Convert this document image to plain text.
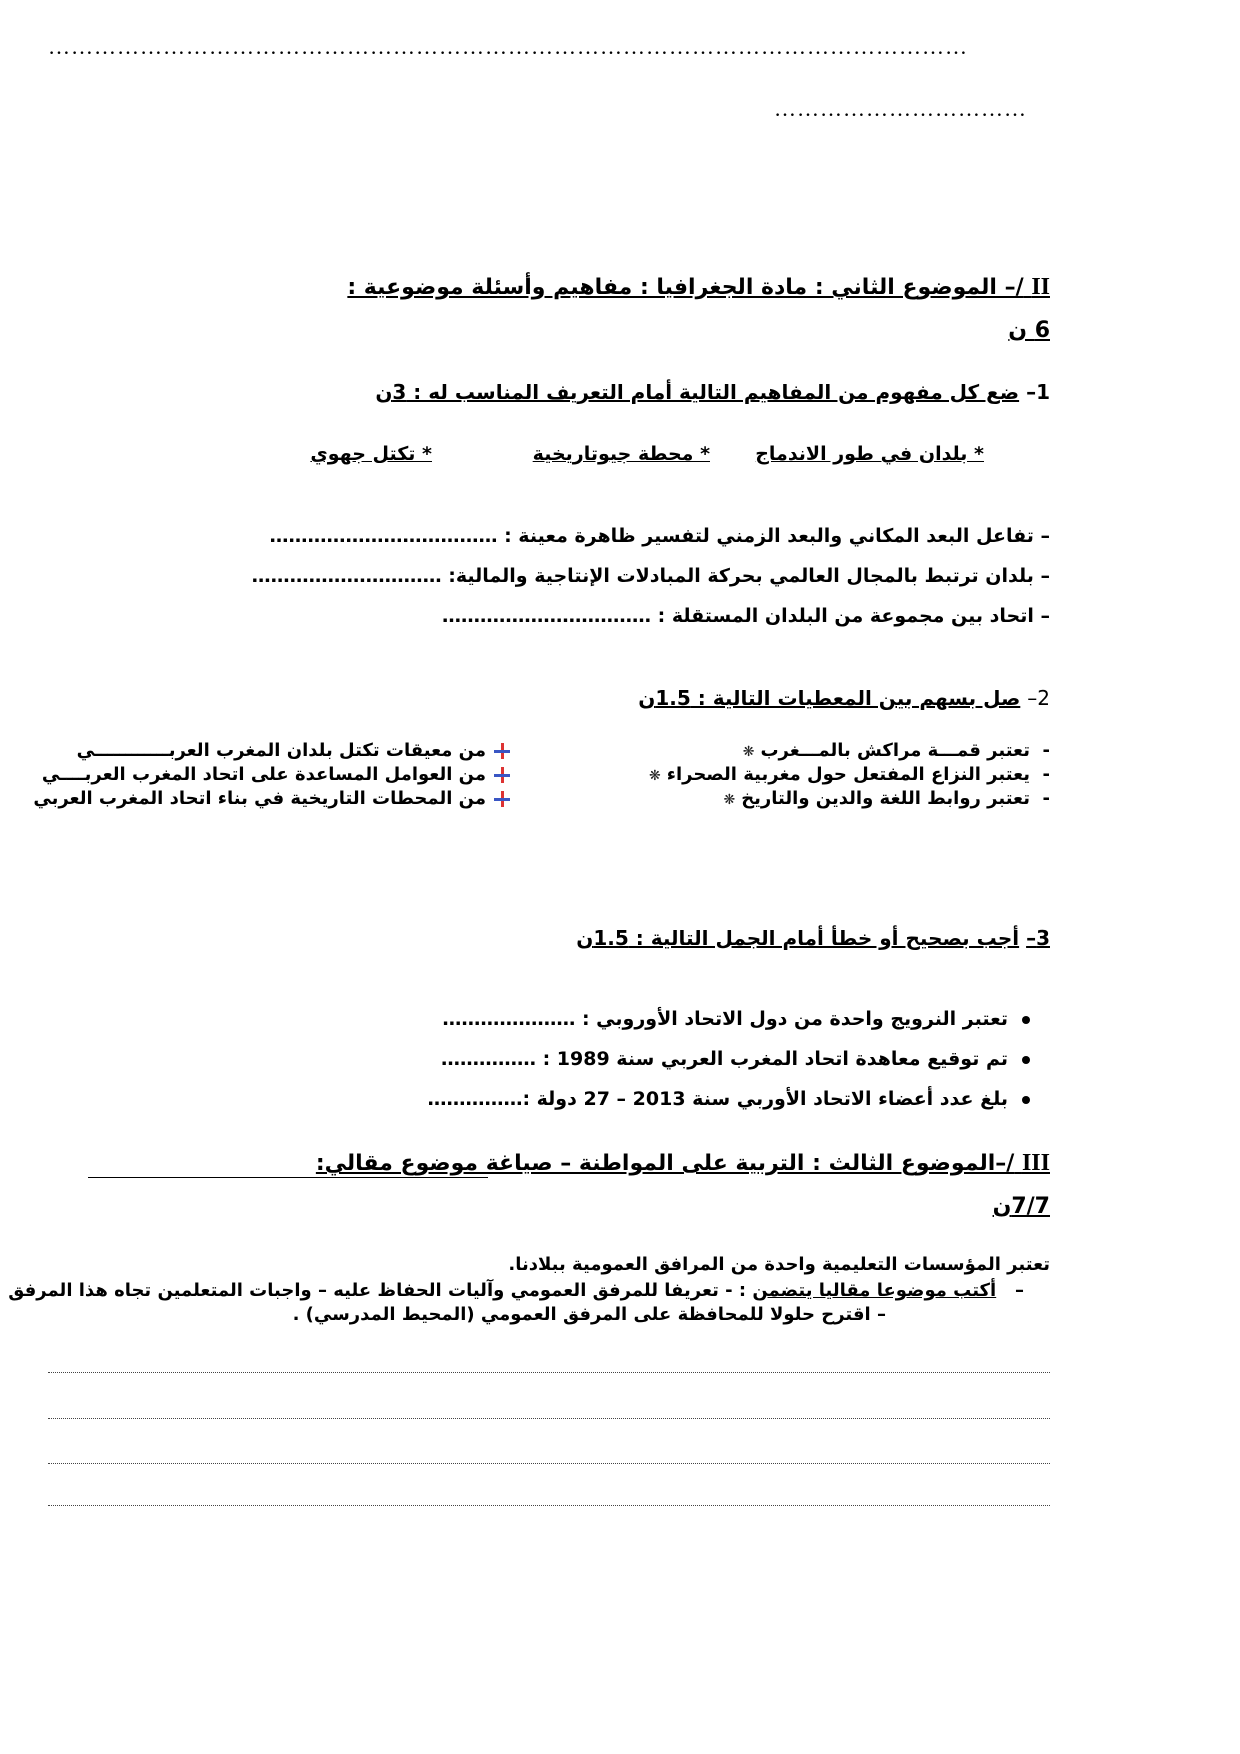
…………………………………………………………………………………………………………
……………………………
II /– الموضوع الثاني : مادة الجغرافيا : مفاهيم وأسئلة موضوعية :
6 ن
1– ضع كل مفهوم من المفاهيم التالية أمام التعريف المناسب له : 3ن
* بلدان في طور الاندماج
* محطة جيوتاريخية
* تكتل جهوي
– تفاعل البعد المكاني والبعد الزمني لتفسير ظاهرة معينة : ………………………………
– بلدان ترتبط بالمجال العالمي بحركة المبادلات الإنتاجية والمالية: …………………………
– اتحاد بين مجموعة من البلدان المستقلة : ……………………………
2– صل بسهم بين المعطيات التالية : 1.5ن
-  تعتبر قمـــة مراكش بالمـــغرب❋
-  يعتبر النزاع المفتعل حول مغربية الصحراء❋
-  تعتبر روابط اللغة والدين والتاريخ❋
من معيقات تكتل بلدان المغرب العربــــــــــــي
من العوامل المساعدة على اتحاد المغرب العربــــي
من المحطات التاريخية في بناء اتحاد المغرب العربي
3– أجب بصحيح أو خطأ أمام الجمل التالية : 1.5ن
تعتبر النرويج واحدة من دول الاتحاد الأوروبي : …………………
تم توقيع معاهدة اتحاد المغرب العربي سنة 1989 : ……………
بلغ عدد أعضاء الاتحاد الأوربي سنة 2013 – 27 دولة :……………
III /–الموضوع الثالث : التربية على المواطنة – صياغة موضوع مقالي:
7/7ن
تعتبر المؤسسات التعليمية واحدة من المرافق العمومية ببلادنا.
–   أكتب موضوعا مقاليا يتضمن : - تعريفا للمرفق العمومي وآليات الحفاظ عليه – واجبات المتعلمين تجاه هذا المرفق
– اقترح حلولا للمحافظة على المرفق العمومي (المحيط المدرسي) .
